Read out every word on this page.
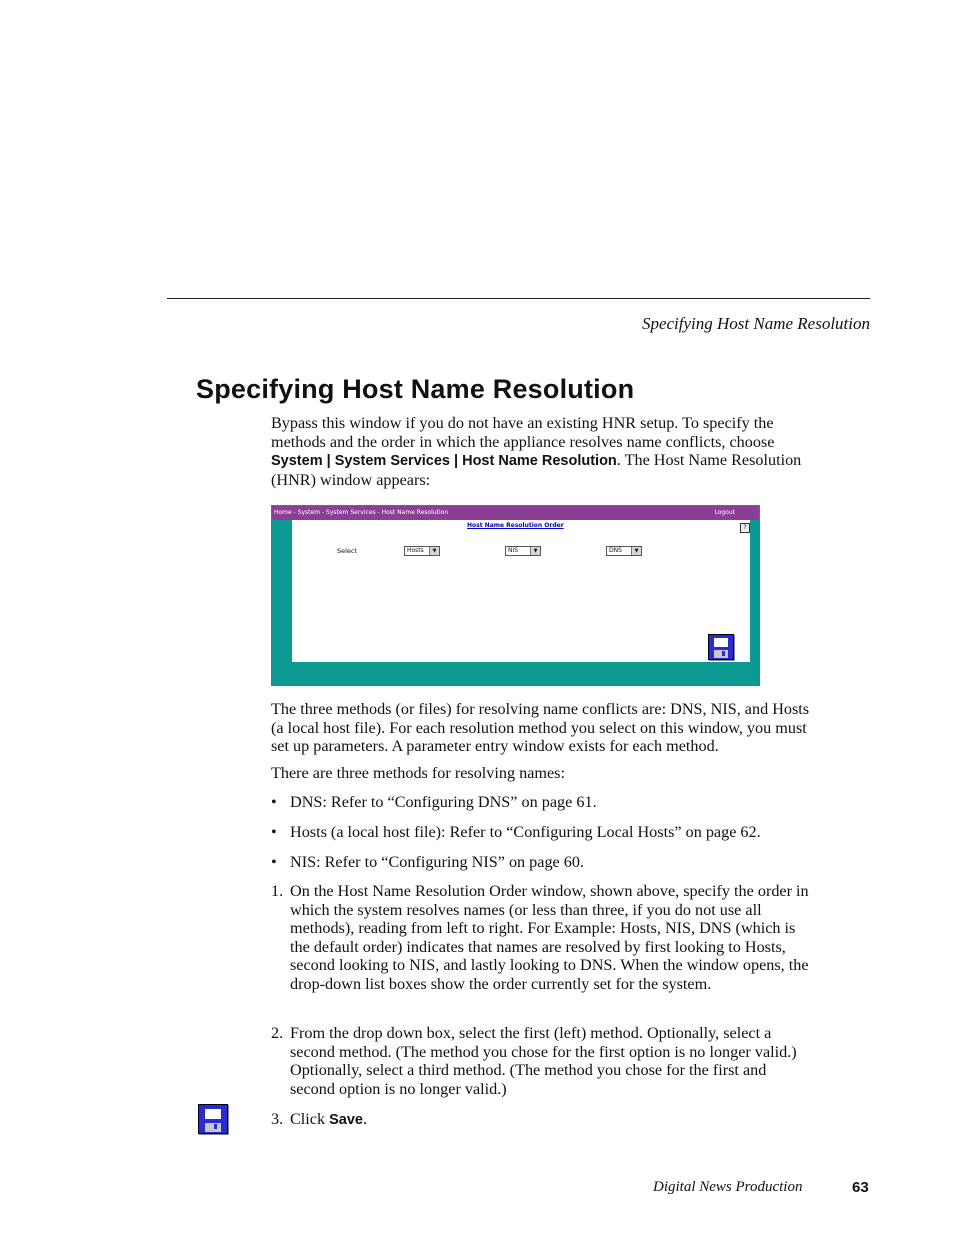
Specifying Host Name Resolution
Specifying Host Name Resolution
Bypass this window if you do not have an existing HNR setup. To specify the methods and the order in which the appliance resolves name conflicts, choose System | System Services | Host Name Resolution. The Host Name Resolution (HNR) window appears:
Home - System - System Services - Host Name Resolution	Logout
Host Name Resolution Order	?
Select	Hosts	▼	NIS	▼	DNS	▼
The three methods (or files) for resolving name conflicts are: DNS, NIS, and Hosts (a local host file). For each resolution method you select on this window, you must set up parameters. A parameter entry window exists for each method.
There are three methods for resolving names:
• DNS: Refer to “Configuring DNS” on page 61.
• Hosts (a local host file): Refer to “Configuring Local Hosts” on page 62.
• NIS: Refer to “Configuring NIS” on page 60.
1. On the Host Name Resolution Order window, shown above, specify the order in which the system resolves names (or less than three, if you do not use all methods), reading from left to right. For Example: Hosts, NIS, DNS (which is the default order) indicates that names are resolved by first looking to Hosts, second looking to NIS, and lastly looking to DNS. When the window opens, the drop-down list boxes show the order currently set for the system.
2. From the drop down box, select the first (left) method. Optionally, select a second method. (The method you chose for the first option is no longer valid.) Optionally, select a third method. (The method you chose for the first and second option is no longer valid.)
3. Click Save.
Digital News Production	63
